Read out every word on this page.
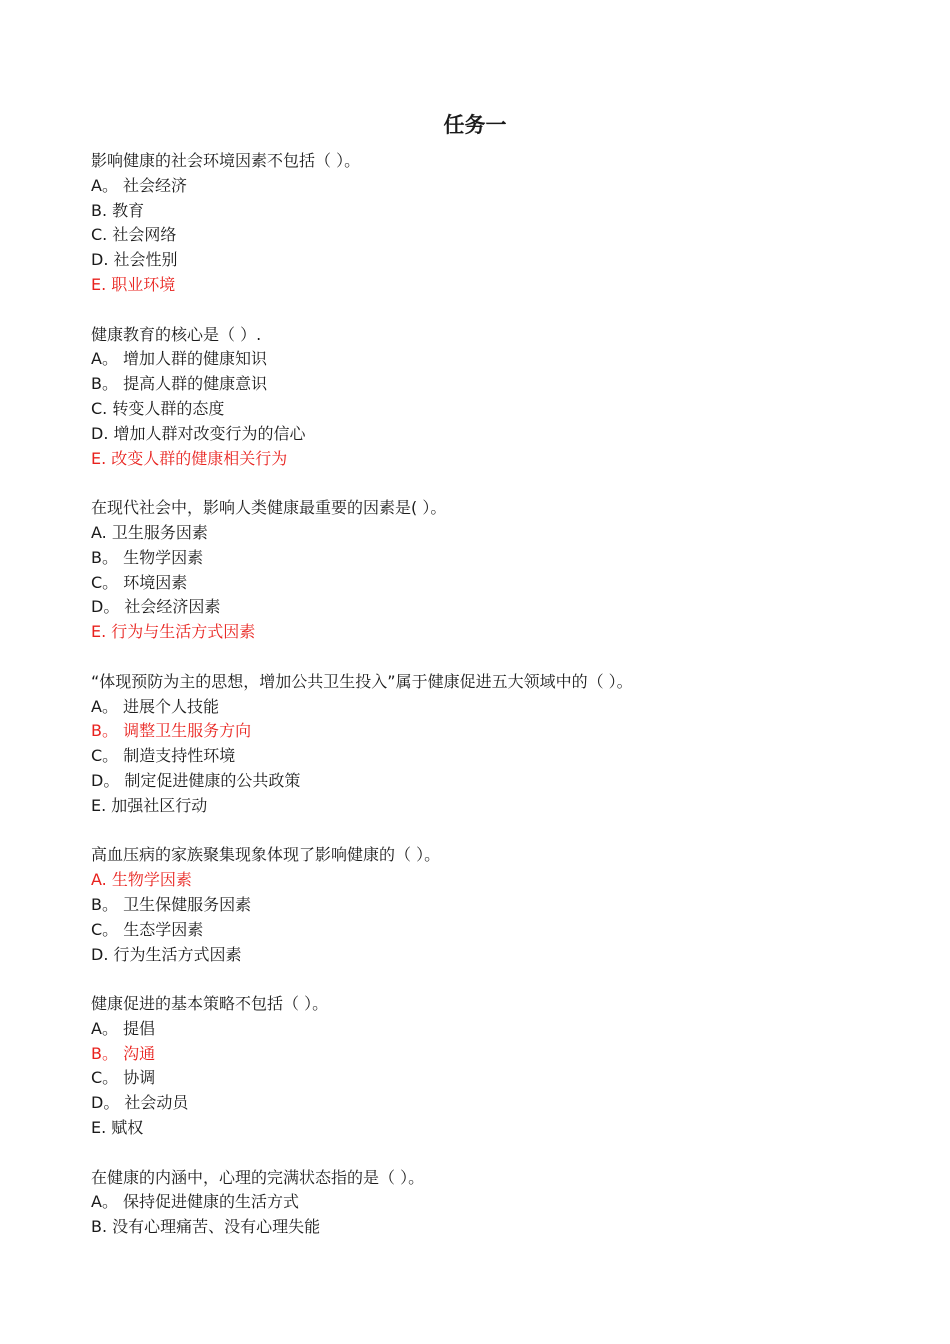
任务一
影响健康的社会环境因素不包括（ ）。
A。 社会经济
B. 教育
C. 社会网络
D. 社会性别
E. 职业环境
健康教育的核心是（ ）.
A。 增加人群的健康知识
B。 提高人群的健康意识
C. 转变人群的态度
D. 增加人群对改变行为的信心
E. 改变人群的健康相关行为
在现代社会中，影响人类健康最重要的因素是( ）。
A. 卫生服务因素
B。 生物学因素
C。 环境因素
D。 社会经济因素
E. 行为与生活方式因素
“体现预防为主的思想，增加公共卫生投入”属于健康促进五大领域中的（ ）。
A。 进展个人技能
B。 调整卫生服务方向
C。 制造支持性环境
D。 制定促进健康的公共政策
E. 加强社区行动
高血压病的家族聚集现象体现了影响健康的（ ）。
A. 生物学因素
B。 卫生保健服务因素
C。 生态学因素
D. 行为生活方式因素
健康促进的基本策略不包括（ ）。
A。 提倡
B。 沟通
C。 协调
D。 社会动员
E. 赋权
在健康的内涵中，心理的完满状态指的是（ ）。
A。 保持促进健康的生活方式
B. 没有心理痛苦、没有心理失能
